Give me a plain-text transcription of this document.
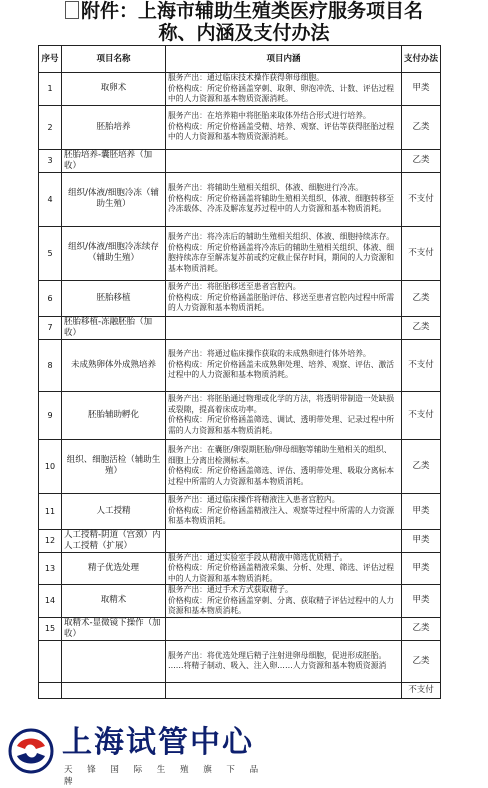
附件：上海市辅助生殖类医疗服务项目名
称、内涵及支付办法
序号	项目名称	项目内涵	支付办法
1	取卵术	服务产出：通过临床技术操作获得卵母细胞。
价格构成：所定价格涵盖穿刺、取卵、卵泡冲洗、计数、评估过程中的人力资源和基本物质资源消耗。	甲类
2	胚胎培养	服务产出：在培养箱中将胚胎来取体外结合形式进行培养。
价格构成：所定价格涵盖受精、培养、观察、评估等获得胚胎过程中的人力资源和基本物质资源消耗。	乙类
3	胚胎培养-囊胚培养（加收）		乙类
4	组织/体液/细胞冷冻（辅助生殖）	服务产出：将辅助生殖相关组织、体液、细胞进行冷冻。
价格构成：所定价格涵盖将辅助生殖相关组织、体液、细胞转移至冷冻载体、冷冻及解冻复苏过程中的人力资源和基本物质消耗。	不支付
5	组织/体液/细胞冷冻续存（辅助生殖）	服务产出：将冷冻后的辅助生殖相关组织、体液、细胞持续冻存。
价格构成：所定价格涵盖将冷冻后的辅助生殖相关组织、体液、细胞持续冻存至解冻复苏前或约定截止保存时间，期间的人力资源和基本物质消耗。	不支付
6	胚胎移植	服务产出：将胚胎移送至患者宫腔内。
价格构成：所定价格涵盖胚胎评估、移送至患者宫腔内过程中所需的人力资源和基本物质消耗。	乙类
7	胚胎移植-冻融胚胎（加收）		乙类
8	未成熟卵体外成熟培养	服务产出：将通过临床操作获取的未成熟卵进行体外培养。
价格构成：所定价格涵盖未成熟卵处理、培养、观察、评估、激活过程中的人力资源和基本物质消耗。	不支付
9	胚胎辅助孵化	服务产出：将胚胎通过物理或化学的方法，将透明带制造一处缺损或裂隙，提高着床成功率。
价格构成：所定价格涵盖筛选、调试、透明带处理、记录过程中所需的人力资源和基本物质消耗。	不支付
10	组织、细胞活检（辅助生殖）	服务产出：在囊胚/卵裂期胚胎/卵母细胞等辅助生殖相关的组织、细胞上分离出检测标本。
价格构成：所定价格涵盖筛选、评估、透明带处理、吸取分离标本过程中所需的人力资源和基本物质消耗。	乙类
11	人工授精	服务产出：通过临床操作将精液注入患者宫腔内。
价格构成：所定价格涵盖精液注入、观察等过程中所需的人力资源和基本物质消耗。	甲类
12	人工授精-阴道（宫颈）内人工授精（扩展）		甲类
13	精子优选处理	服务产出：通过实验室手段从精液中筛选优质精子。
价格构成：所定价格涵盖精液采集、分析、处理、筛选、评估过程中的人力资源和基本物质消耗。	甲类
14	取精术	服务产出：通过手术方式获取精子。
价格构成：所定价格涵盖穿刺、分离、获取精子评估过程中的人力资源和基本物质消耗。	甲类
15	取精术-显微镜下操作（加收）		乙类
		服务产出：将优选处理后精子注射进卵母细胞，促进形成胚胎。
……将精子制动、吸入、注入卵……人力资源和基本物质资源消	乙类
			不支付
上海试管中心
天 锋 国 际 生 殖 旗 下 品 牌
